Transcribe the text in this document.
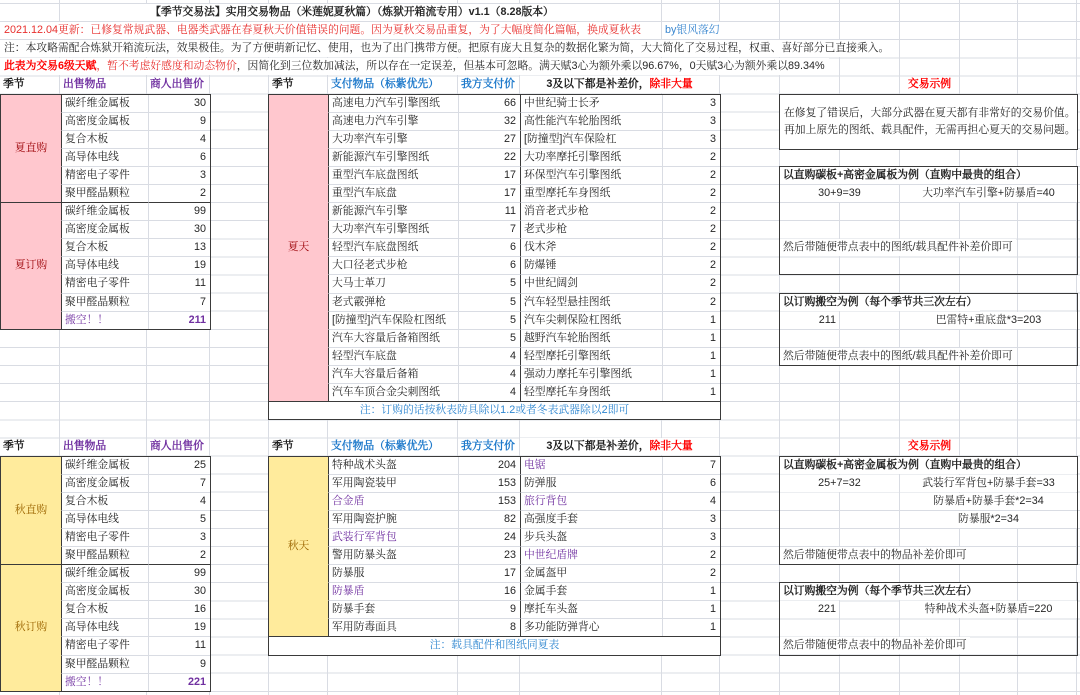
【季节交易法】实用交易物品（米莲妮夏秋篇）（炼狱开箱流专用）v1.1（8.28版本）
2021.12.04更新：已修复常规武器、电器类武器在春夏秋天价值错误的问题。因为夏秋交易品重复，为了大幅度简化篇幅，换成夏秋表	by银风落幻
注：本攻略需配合炼狱开箱流玩法，效果极佳。为了方便萌新记忆、使用，也为了出门携带方便。把原有庞大且复杂的数据化繁为简，大大简化了交易过程，权重、喜好部分已直接乘入。
此表为交易6级天赋，暂不考虑好感度和动态物价，因简化到三位数加减法，所以存在一定误差，但基本可忽略。满天赋3心为额外乘以96.67%，0天赋3心为额外乘以89.34%
季节	出售物品	商人出售价	季节	支付物品（标紫优先） 我方支付价	3及以下都是补差价， 除非大量	交易示例
夏直购
碳纤维金属板	30
高密度金属板	9
复合木板	4
高导体电线	6
精密电子零件	3
聚甲醛晶颗粒	2
夏订购
碳纤维金属板	99
高密度金属板	30
复合木板	13
高导体电线	19
精密电子零件	11
聚甲醛晶颗粒	7
搬空！！	211
夏天
高速电力汽车引擎图纸	66 中世纪骑士长矛	3
高速电力汽车引擎	32 高性能汽车轮胎图纸	3
大功率汽车引擎	27 [防撞型]汽车保险杠	3
新能源汽车引擎图纸	22 大功率摩托引擎图纸	2
重型汽车底盘图纸	17 环保型汽车引擎图纸	2
重型汽车底盘	17 重型摩托车身图纸	2
新能源汽车引擎	11 消音老式步枪	2
大功率汽车引擎图纸	7 老式步枪	2
轻型汽车底盘图纸	6 伐木斧	2
大口径老式步枪	6 防爆锤	2
大马士革刀	5 中世纪阔剑	2
老式霰弹枪	5 汽车轻型悬挂图纸	2
[防撞型]汽车保险杠图纸	5 汽车尖刺保险杠图纸	1
汽车大容量后备箱图纸	5 越野汽车轮胎图纸	1
轻型汽车底盘	4 轻型摩托引擎图纸	1
汽车大容量后备箱	4 强动力摩托车引擎图纸	1
汽车车顶合金尖刺图纸	4 轻型摩托车身图纸	1
注：订购的话按秋表防具除以1.2或者冬表武器除以2即可
在修复了错误后，大部分武器在夏天都有非常好的交易价值。
再加上原先的图纸、载具配件，无需再担心夏天的交易问题。
以直购碳板+高密金属板为例（直购中最贵的组合）
30+9=39	大功率汽车引擎+防暴盾=40
然后带随便带点表中的图纸/载具配件补差价即可
以订购搬空为例（每个季节共三次左右）
211	巴雷特+重底盘*3=203
然后带随便带点表中的图纸/载具配件补差价即可
季节	出售物品	商人出售价	季节	支付物品（标紫优先） 我方支付价	3及以下都是补差价， 除非大量	交易示例
秋直购
碳纤维金属板	25
高密度金属板	7
复合木板	4
高导体电线	5
精密电子零件	3
聚甲醛晶颗粒	2
秋订购
碳纤维金属板	99
高密度金属板	30
复合木板	16
高导体电线	19
精密电子零件	11
聚甲醛晶颗粒	9
搬空！！	221
秋天
特种战术头盔	204 电锯	7
军用陶瓷装甲	153 防弹服	6
合金盾	153 旅行背包	4
军用陶瓷护腕	82 高强度手套	3
武装行军背包	24 步兵头盔	3
警用防暴头盔	23 中世纪盾牌	2
防暴服	17 金属盔甲	2
防暴盾	16 金属手套	1
防暴手套	9 摩托车头盔	1
军用防毒面具	8 多功能防弹背心	1
注：载具配件和图纸同夏表
以直购碳板+高密金属板为例（直购中最贵的组合）
25+7=32	武装行军背包+防暴手套=33
防暴盾+防暴手套*2=34
防暴服*2=34
然后带随便带点表中的物品补差价即可
以订购搬空为例（每个季节共三次左右）
221	特种战术头盔+防暴盾=220
然后带随便带点表中的物品补差价即可
